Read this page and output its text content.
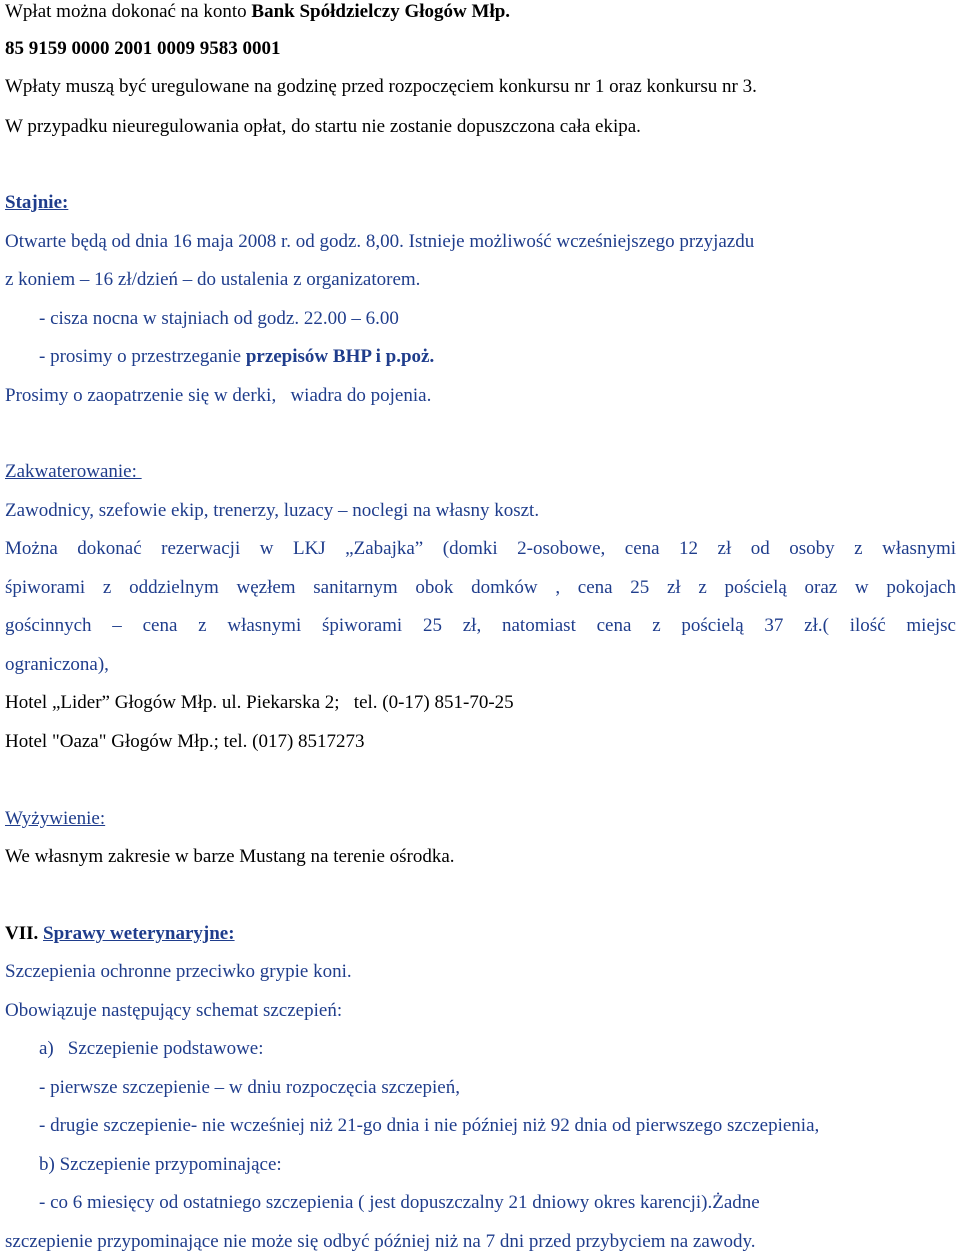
Wpłat można dokonać na konto Bank Spółdzielczy Głogów Młp.
85 9159 0000 2001 0009 9583 0001
Wpłaty muszą być uregulowane na godzinę przed rozpoczęciem konkursu nr 1 oraz konkursu nr 3.
W przypadku nieuregulowania opłat, do startu nie zostanie dopuszczona cała ekipa.
Stajnie:
Otwarte będą od dnia 16 maja 2008 r. od godz. 8,00. Istnieje możliwość wcześniejszego przyjazdu
z koniem – 16 zł/dzień – do ustalenia z organizatorem.
- cisza nocna w stajniach od godz. 22.00 – 6.00
- prosimy o przestrzeganie przepisów BHP i p.poż.
Prosimy o zaopatrzenie się w derki,   wiadra do pojenia.
Zakwaterowanie:
Zawodnicy, szefowie ekip, trenerzy, luzacy – noclegi na własny koszt.
Można dokonać rezerwacji w LKJ „Zabajka” (domki 2-osobowe, cena 12 zł od osoby z własnymi
śpiworami z oddzielnym węzłem sanitarnym obok domków , cena 25 zł z pościelą oraz w pokojach
gościnnych – cena z własnymi śpiworami 25 zł, natomiast cena z pościelą 37 zł.( ilość miejsc
ograniczona),
Hotel „Lider” Głogów Młp. ul. Piekarska 2;   tel. (0-17) 851-70-25
Hotel "Oaza" Głogów Młp.; tel. (017) 8517273
Wyżywienie:
We własnym zakresie w barze Mustang na terenie ośrodka.
VII. Sprawy weterynaryjne:
Szczepienia ochronne przeciwko grypie koni.
Obowiązuje następujący schemat szczepień:
a) Szczepienie podstawowe:
- pierwsze szczepienie – w dniu rozpoczęcia szczepień,
- drugie szczepienie- nie wcześniej niż 21-go dnia i nie później niż 92 dnia od pierwszego szczepienia,
b) Szczepienie przypominające:
- co 6 miesięcy od ostatniego szczepienia ( jest dopuszczalny 21 dniowy okres karencji).Żadne
szczepienie przypominające nie może się odbyć później niż na 7 dni przed przybyciem na zawody.
